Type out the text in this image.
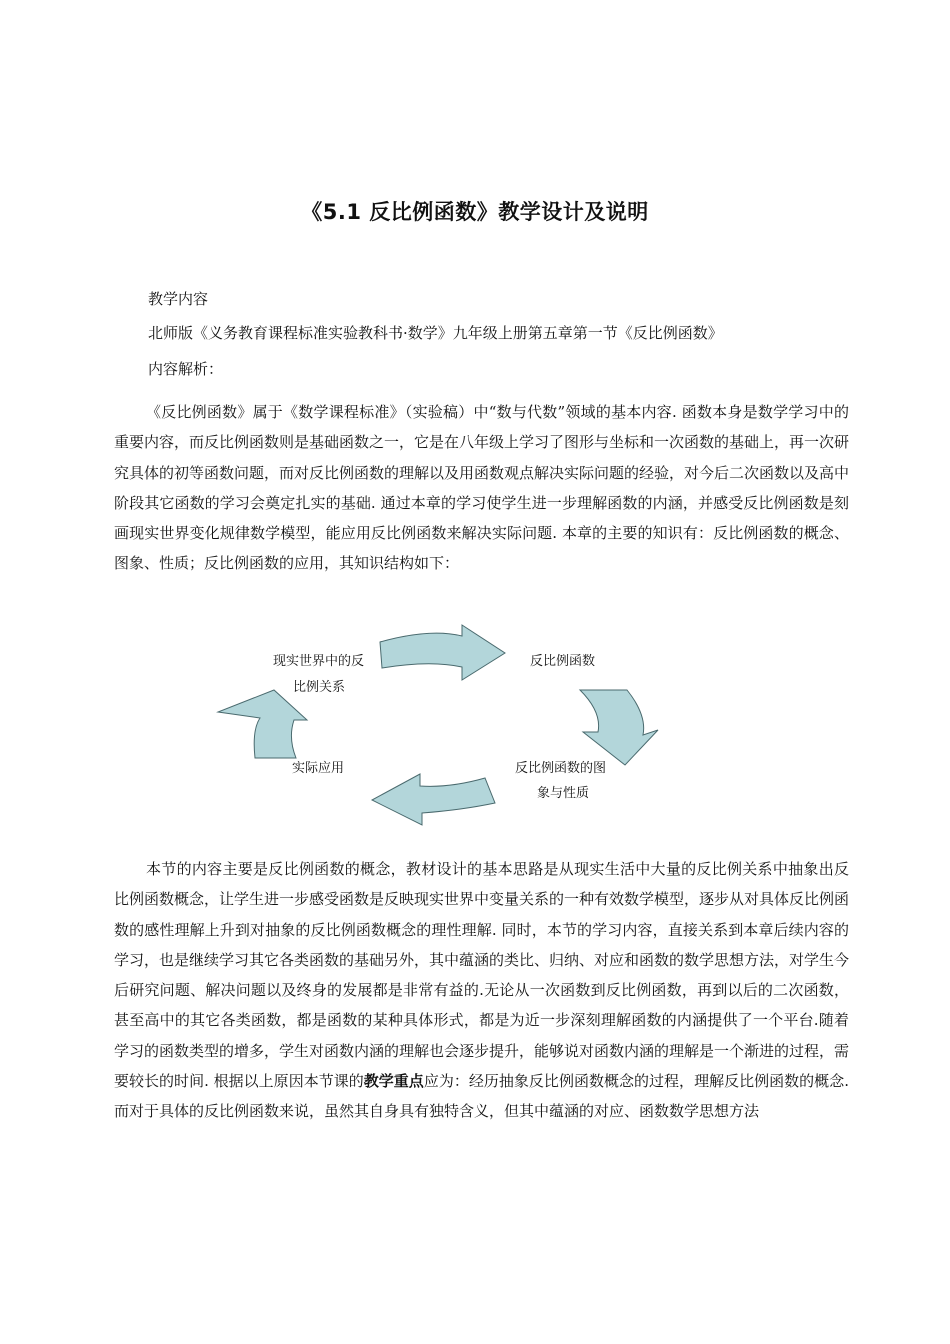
《5.1 反比例函数》教学设计及说明

教学内容

北师版《义务教育课程标准实验教科书·数学》九年级上册第五章第一节《反比例函数》

内容解析：

《反比例函数》属于《数学课程标准》（实验稿）中“数与代数”领域的基本内容. 函数本身是数学学习中的重要内容，而反比例函数则是基础函数之一，它是在八年级上学习了图形与坐标和一次函数的基础上，再一次研究具体的初等函数问题，而对反比例函数的理解以及用函数观点解决实际问题的经验，对今后二次函数以及高中阶段其它函数的学习会奠定扎实的基础. 通过本章的学习使学生进一步理解函数的内涵，并感受反比例函数是刻画现实世界变化规律数学模型，能应用反比例函数来解决实际问题. 本章的主要的知识有：反比例函数的概念、图象、性质；反比例函数的应用，其知识结构如下：

现实世界中的反
比例关系
反比例函数
反比例函数的图
象与性质
实际应用

本节的内容主要是反比例函数的概念，教材设计的基本思路是从现实生活中大量的反比例关系中抽象出反比例函数概念，让学生进一步感受函数是反映现实世界中变量关系的一种有效数学模型，逐步从对具体反比例函数的感性理解上升到对抽象的反比例函数概念的理性理解. 同时，本节的学习内容，直接关系到本章后续内容的学习，也是继续学习其它各类函数的基础另外，其中蕴涵的类比、归纳、对应和函数的数学思想方法，对学生今后研究问题、解决问题以及终身的发展都是非常有益的.无论从一次函数到反比例函数，再到以后的二次函数，甚至高中的其它各类函数，都是函数的某种具体形式，都是为近一步深刻理解函数的内涵提供了一个平台.随着学习的函数类型的增多，学生对函数内涵的理解也会逐步提升，能够说对函数内涵的理解是一个渐进的过程，需要较长的时间. 根据以上原因本节课的教学重点应为：经历抽象反比例函数概念的过程，理解反比例函数的概念. 而对于具体的反比例函数来说，虽然其自身具有独特含义，但其中蕴涵的对应、函数数学思想方法
